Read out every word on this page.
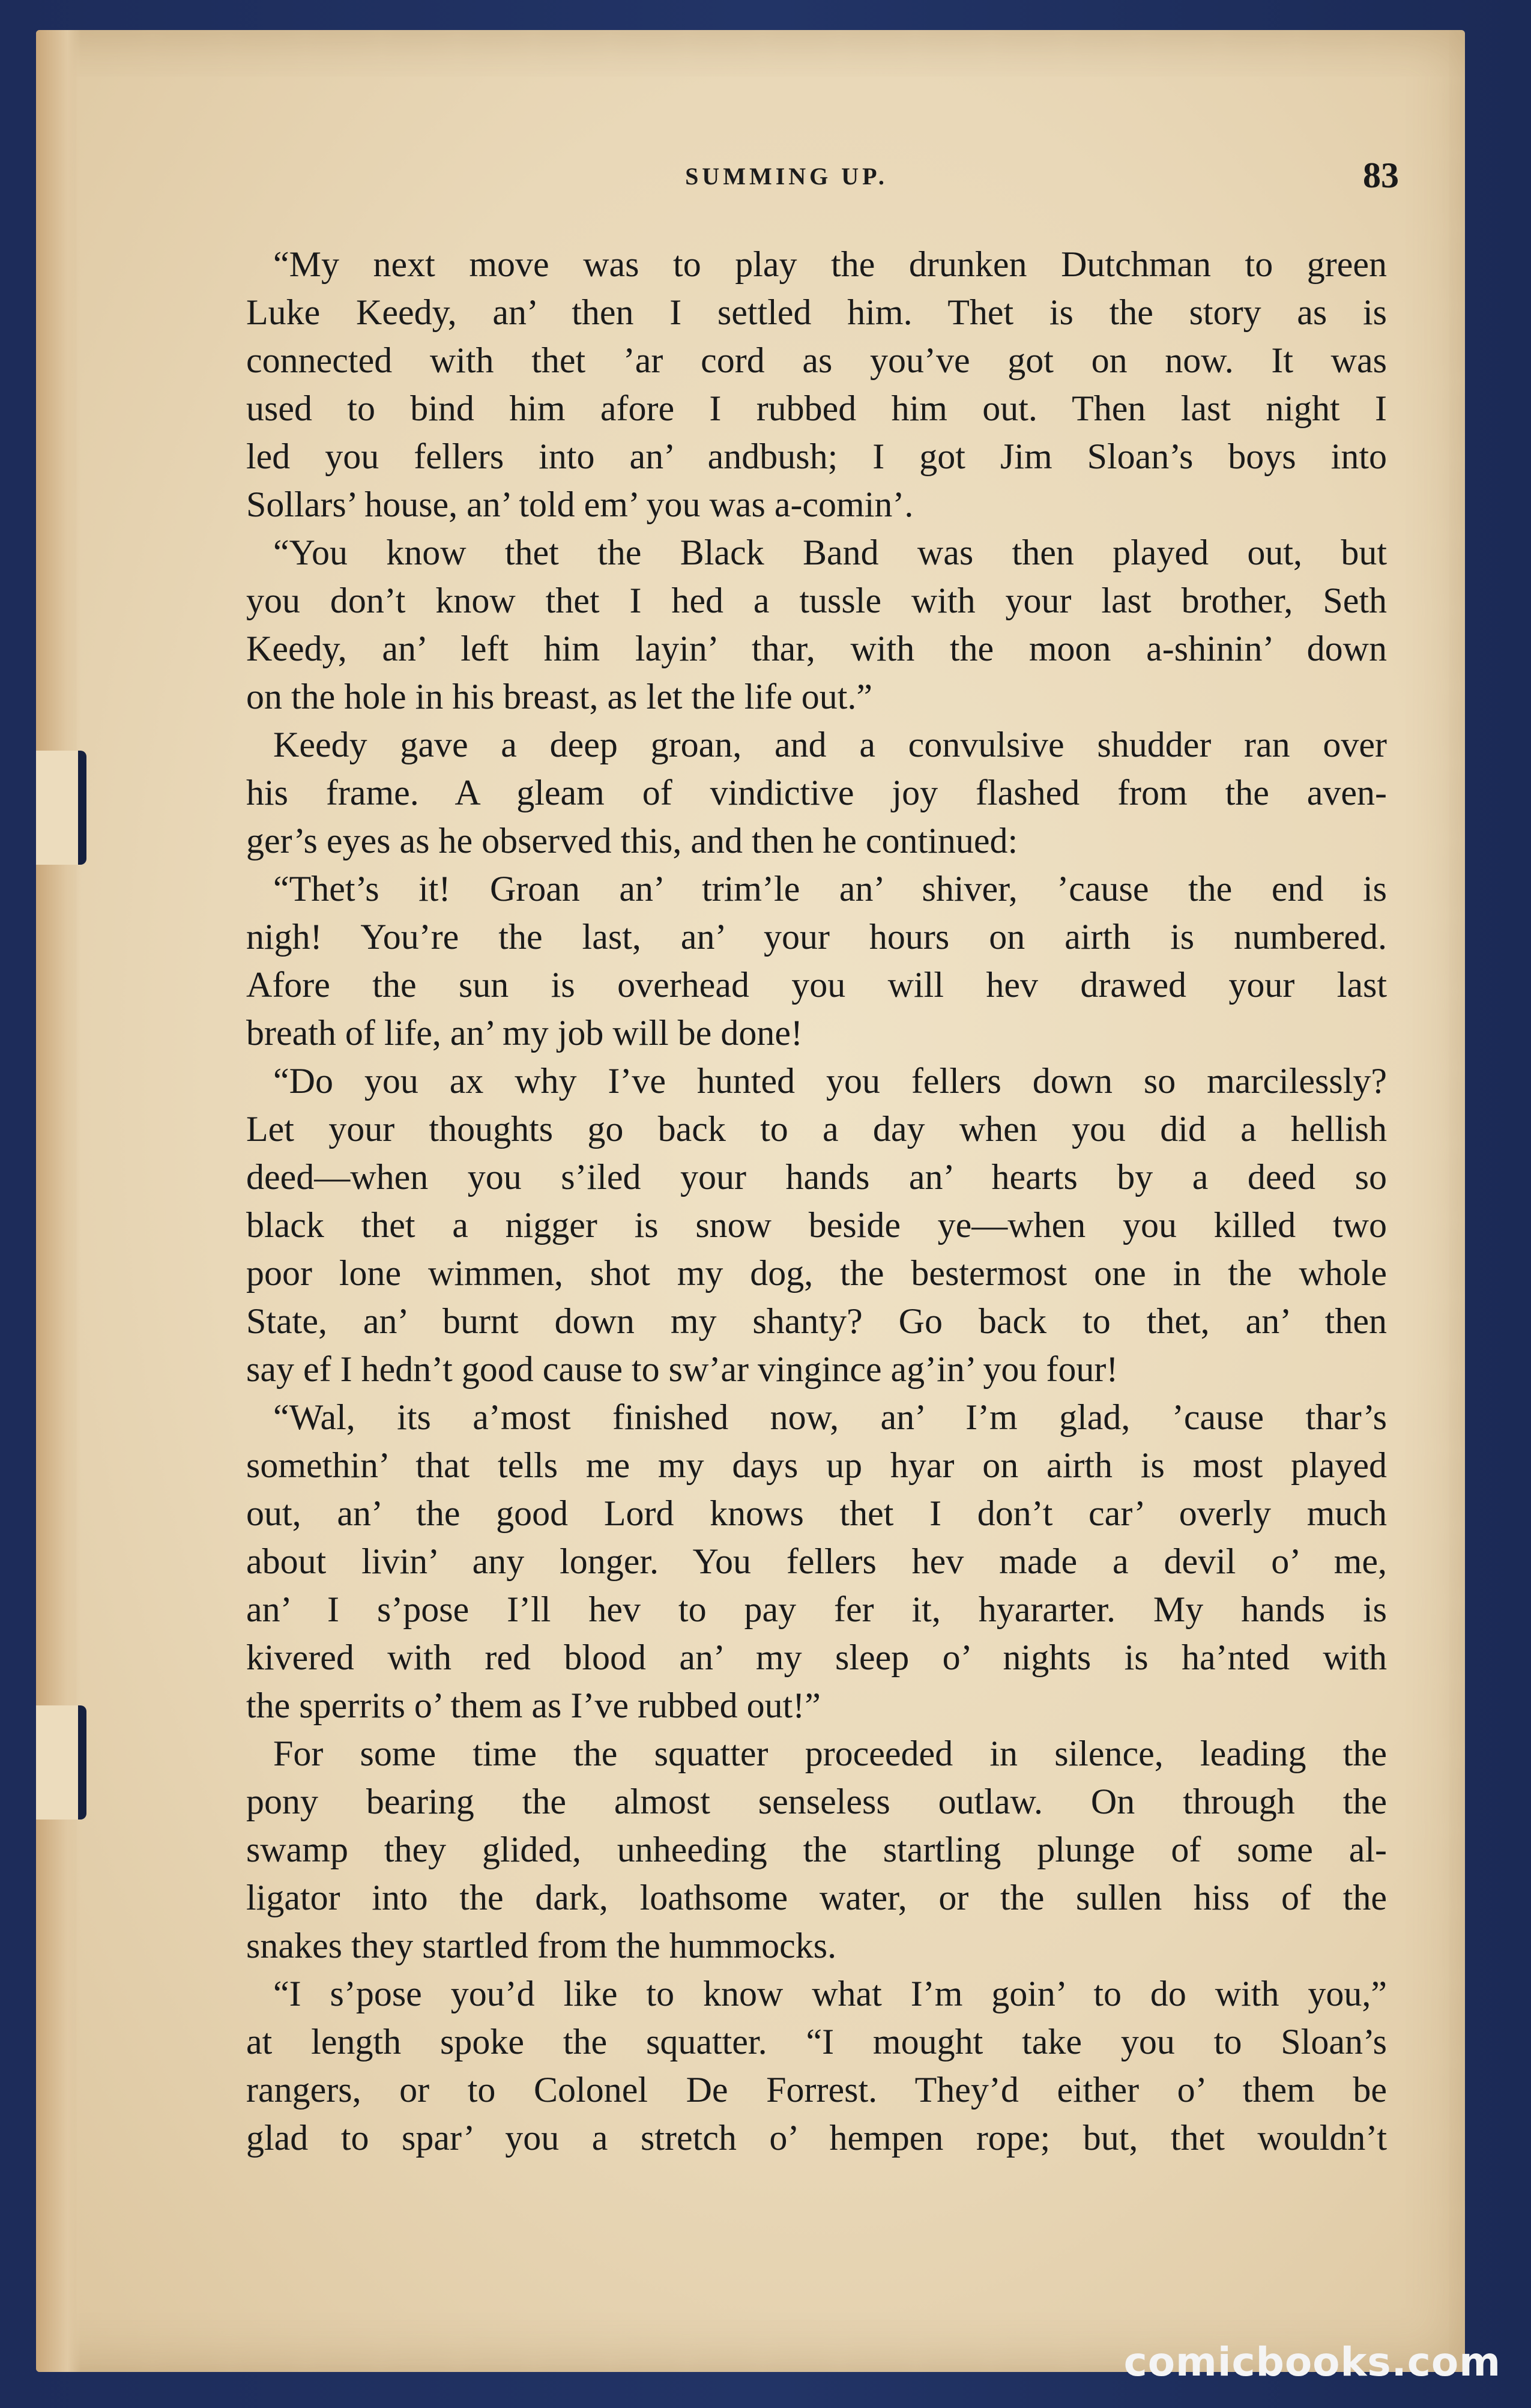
SUMMING UP.	83
“My next move was to play the drunken Dutchman to green
Luke Keedy, an’ then I settled him. Thet is the story as is
connected with thet ’ar cord as you’ve got on now. It was
used to bind him afore I rubbed him out. Then last night I
led you fellers into an’ andbush; I got Jim Sloan’s boys into
Sollars’ house, an’ told em’ you was a-comin’.
“You know thet the Black Band was then played out, but
you don’t know thet I hed a tussle with your last brother, Seth
Keedy, an’ left him layin’ thar, with the moon a-shinin’ down
on the hole in his breast, as let the life out.”
Keedy gave a deep groan, and a convulsive shudder ran over
his frame. A gleam of vindictive joy flashed from the aven-
ger’s eyes as he observed this, and then he continued:
“Thet’s it! Groan an’ trim’le an’ shiver, ’cause the end is
nigh! You’re the last, an’ your hours on airth is numbered.
Afore the sun is overhead you will hev drawed your last
breath of life, an’ my job will be done!
“Do you ax why I’ve hunted you fellers down so marcilessly?
Let your thoughts go back to a day when you did a hellish
deed—when you s’iled your hands an’ hearts by a deed so
black thet a nigger is snow beside ye—when you killed two
poor lone wimmen, shot my dog, the bestermost one in the whole
State, an’ burnt down my shanty? Go back to thet, an’ then
say ef I hedn’t good cause to sw’ar vingince ag’in’ you four!
“Wal, its a’most finished now, an’ I’m glad, ’cause thar’s
somethin’ that tells me my days up hyar on airth is most played
out, an’ the good Lord knows thet I don’t car’ overly much
about livin’ any longer. You fellers hev made a devil o’ me,
an’ I s’pose I’ll hev to pay fer it, hyararter. My hands is
kivered with red blood an’ my sleep o’ nights is ha’nted with
the sperrits o’ them as I’ve rubbed out!”
For some time the squatter proceeded in silence, leading the
pony bearing the almost senseless outlaw. On through the
swamp they glided, unheeding the startling plunge of some al-
ligator into the dark, loathsome water, or the sullen hiss of the
snakes they startled from the hummocks.
“I s’pose you’d like to know what I’m goin’ to do with you,”
at length spoke the squatter. “I mought take you to Sloan’s
rangers, or to Colonel De Forrest. They’d either o’ them be
glad to spar’ you a stretch o’ hempen rope; but, thet wouldn’t
comicbooks.com
